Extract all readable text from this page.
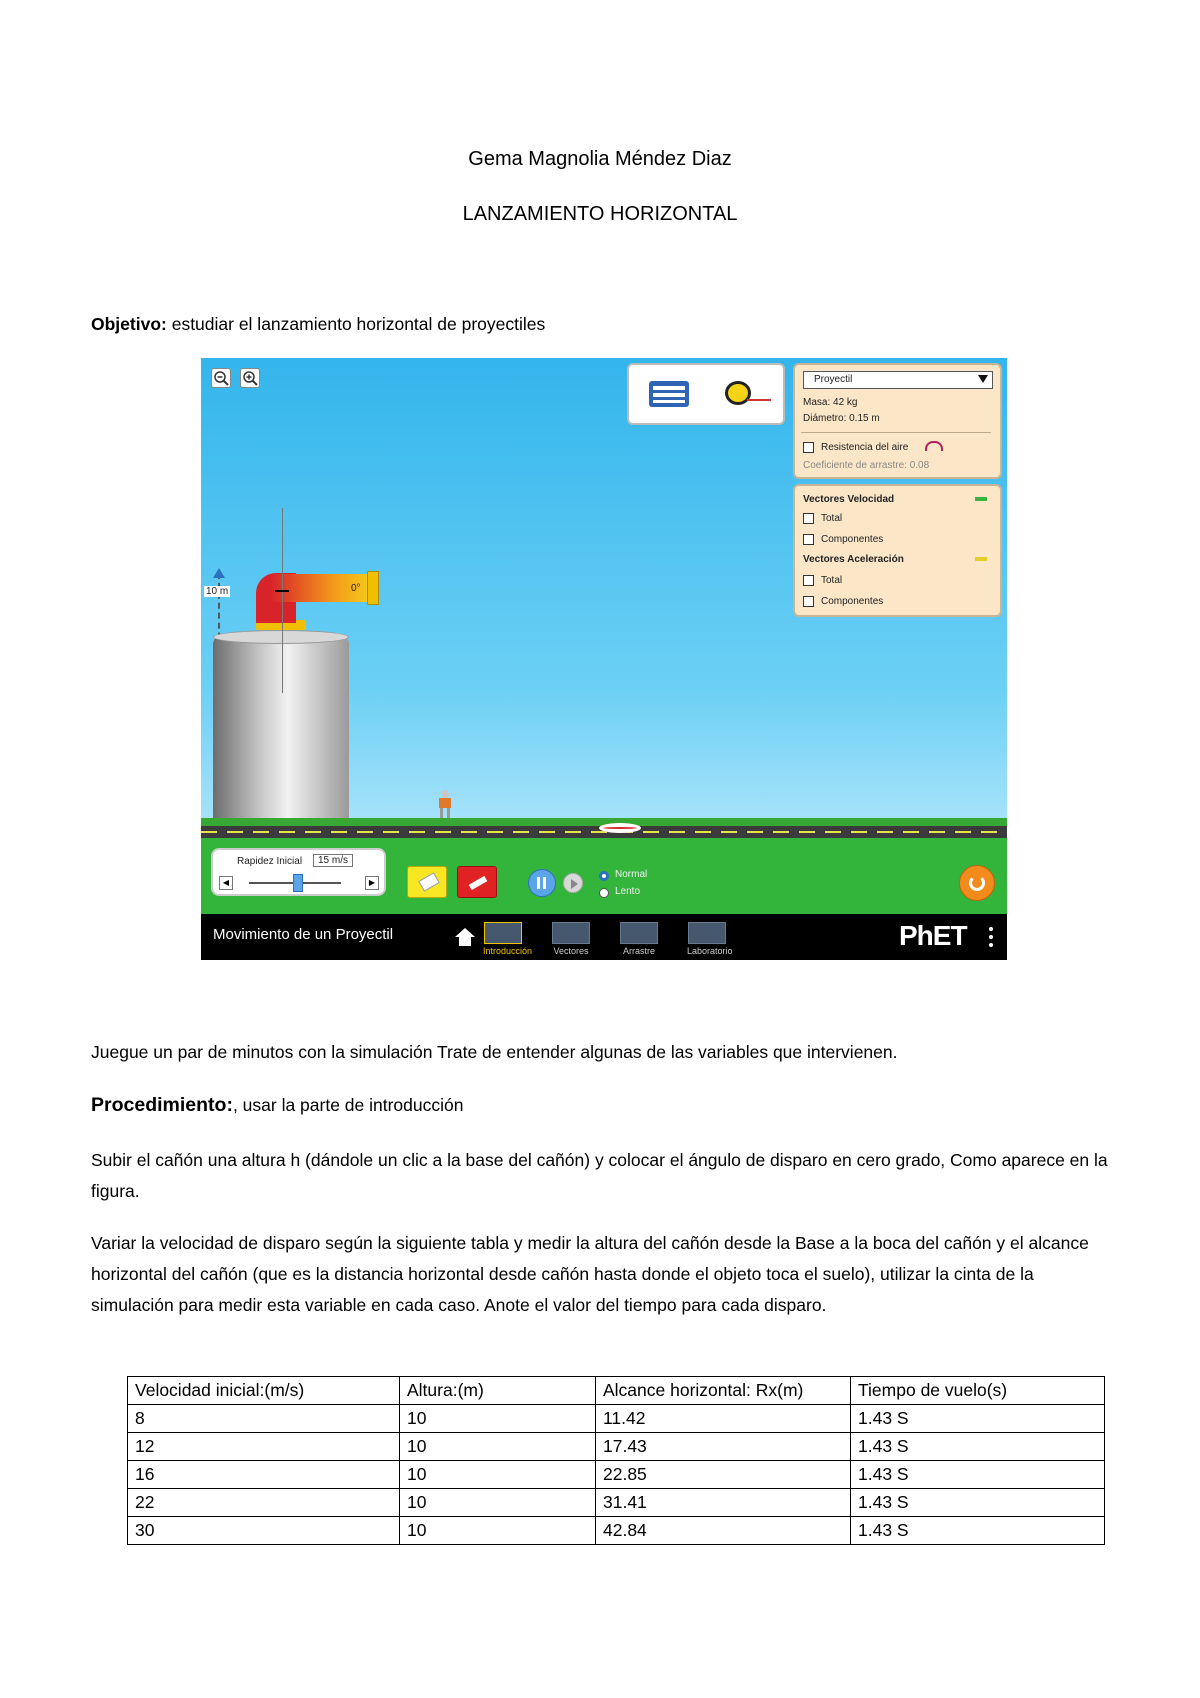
Gema Magnolia Méndez Diaz
LANZAMIENTO HORIZONTAL
Objetivo: estudiar el lanzamiento horizontal de proyectiles
Proyectil
Masa: 42 kg
Diámetro: 0.15 m
Resistencia del aire
Coeficiente de arrastre: 0.08
Vectores Velocidad
Total
Componentes
Vectores Aceleración
Total
Componentes
10 m	0°
Rapidez Inicial	15 m/s
◀	▶
Normal
Lento
Movimiento de un Proyectil
Introducción Vectores	Arrastre	Laboratorio	PhET
Juegue un par de minutos con la simulación Trate de entender algunas de las variables que intervienen.
Procedimiento:, usar la parte de introducción
Subir el cañón una altura h (dándole un clic a la base del cañón) y colocar el ángulo de disparo en cero grado, Como aparece en la figura.
Variar la velocidad de disparo según la siguiente tabla y medir la altura del cañón desde la Base a la boca del cañón y el alcance horizontal del cañón (que es la distancia horizontal desde cañón hasta donde el objeto toca el suelo), utilizar la cinta de la simulación para medir esta variable en cada caso. Anote el valor del tiempo para cada disparo.
Velocidad inicial:(m/s)	Altura:(m)	Alcance horizontal: Rx(m)	Tiempo de vuelo(s)
8	10	11.42	1.43 S
12	10	17.43	1.43 S
16	10	22.85	1.43 S
22	10	31.41	1.43 S
30	10	42.84	1.43 S
